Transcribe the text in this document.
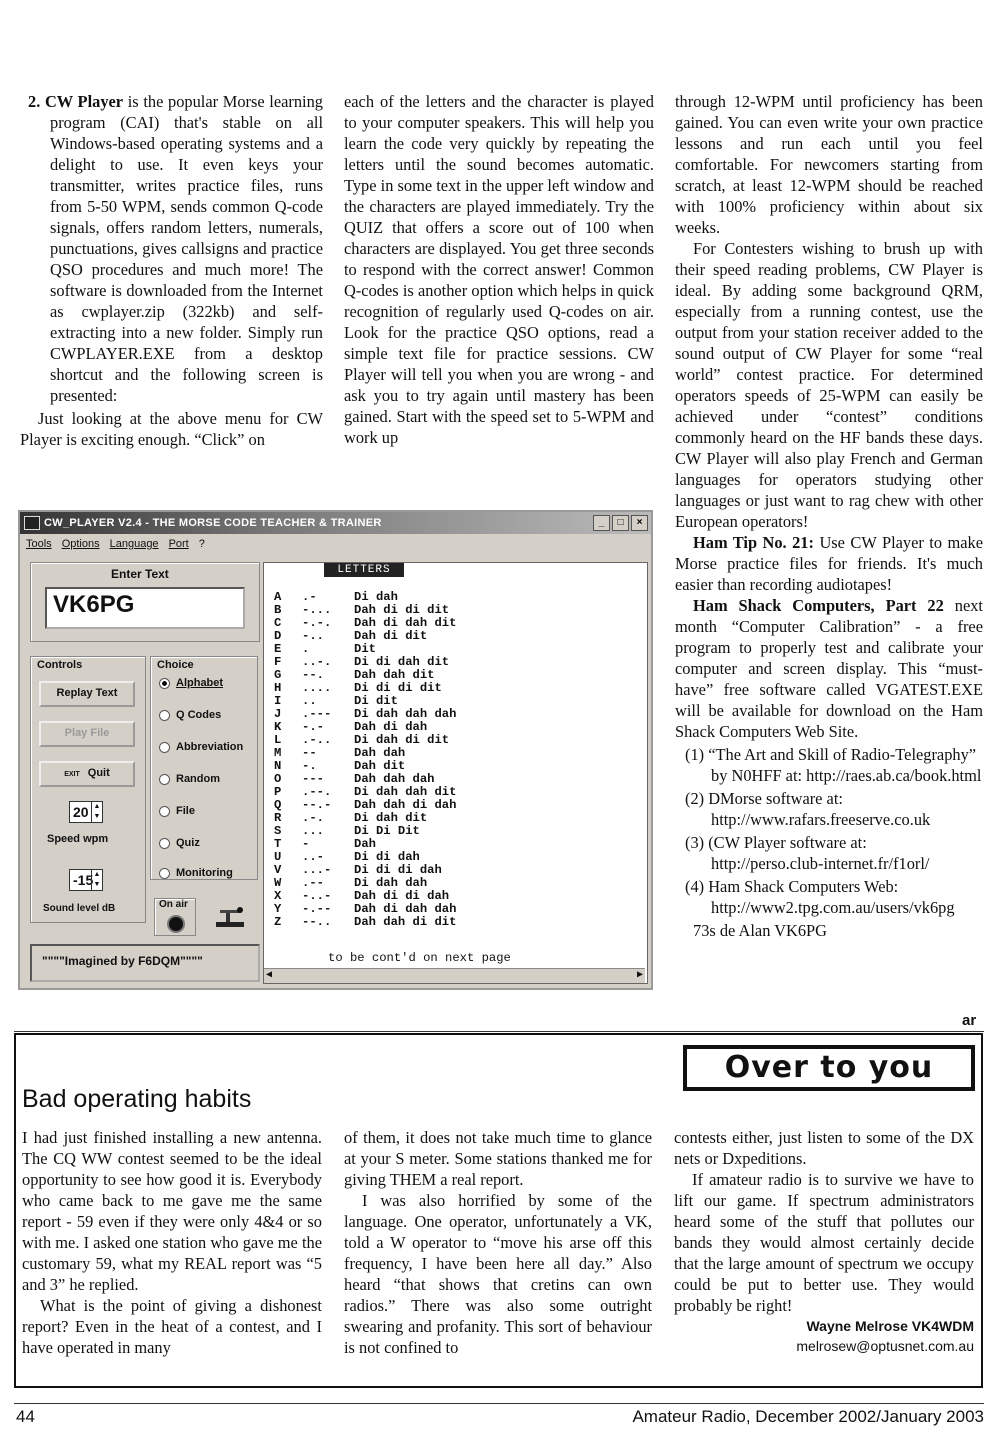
2. CW Player is the popular Morse learning program (CAI) that's stable on all Windows-based operating systems and a delight to use. It even keys your transmitter, writes practice files, runs from 5-50 WPM, sends common Q-code signals, offers random letters, numerals, punctuations, gives callsigns and practice QSO procedures and much more! The software is downloaded from the Internet as cwplayer.zip (322kb) and self-extracting into a new folder. Simply run CWPLAYER.EXE from a desktop shortcut and the following screen is presented:

Just looking at the above menu for CW Player is exciting enough. “Click” on

each of the letters and the character is played to your computer speakers. This will help you learn the code very quickly by repeating the letters until the sound becomes automatic. Type in some text in the upper left window and the characters are played immediately. Try the QUIZ that offers a score out of 100 when characters are displayed. You get three seconds to respond with the correct answer! Common Q-codes is another option which helps in quick recognition of regularly used Q-codes on air. Look for the practice QSO options, read a simple text file for practice sessions. CW Player will tell you when you are wrong - and ask you to try again until mastery has been gained. Start with the speed set to 5-WPM and work up

through 12-WPM until proficiency has been gained. You can even write your own practice lessons and run each until you feel comfortable. For newcomers starting from scratch, at least 12-WPM should be reached with 100% proficiency within about six weeks.

For Contesters wishing to brush up with their speed reading problems, CW Player is ideal. By adding some background QRM, especially from a running contest, use the output from your station receiver added to the sound output of CW Player for some “real world” contest practice. For determined operators speeds of 25-WPM can easily be achieved under “contest” conditions commonly heard on the HF bands these days. CW Player will also play French and German languages for operators studying other languages or just want to rag chew with other European operators!

Ham Tip No. 21: Use CW Player to make Morse practice files for friends. It's much easier than recording audiotapes!

Ham Shack Computers, Part 22 next month “Computer Calibration” - a free program to properly test and calibrate your computer and screen display. This “must-have” free software called VGATEST.EXE will be available for download on the Ham Shack Computers Web Site.

(1) “The Art and Skill of Radio-Telegraphy” by N0HFF at: http://raes.ab.ca/book.html
(2) DMorse software at: http://www.rafars.freeserve.co.uk
(3) (CW Player software at: http://perso.club-internet.fr/f1orl/
(4) Ham Shack Computers Web: http://www2.tpg.com.au/users/vk6pg

73s de Alan VK6PG

ar
CW_PLAYER V2.4 - THE MORSE CODE TEACHER & TRAINER	_	□	×
Tools Options Language Port ?
Enter Text
VK6PG
Controls
Replay Text
Play File
EXIT Quit
20 ▲
▼
Speed wpm
-15 ▲
▼
Sound level dB
Choice
Alphabet
Q Codes
Abbreviation
Random
File
Quiz
Monitoring
On air
""""Imagined by F6DQM""""
LETTERS
A .-	Di dah
B -... Dah di di dit
C -.-. Dah di dah dit
D -.. Dah di dit
E .	Dit
F ..-. Di di dah dit
G --. Dah dah dit
H .... Di di di dit
I ..	Di dit
J .--- Di dah dah dah
K -.- Dah di dah
L .-.. Di dah di dit
M --	Dah dah
N -.	Dah dit
O --- Dah dah dah
P .--. Di dah dah dit
Q --.- Dah dah di dah
R .-. Di dah dit
S ... Di Di Dit
T -	Dah
U ..- Di di dah
V ...- Di di di dah
W .-- Di dah dah
X -..- Dah di di dah
Y -.-- Dah di dah dah
Z --.. Dah dah di dit
to be cont'd on next page
◀	▶
Over to you
Bad operating habits

I had just finished installing a new antenna. The CQ WW contest seemed to be the ideal opportunity to see how good it is. Everybody who came back to me gave me the same report - 59 even if they were only 4&4 or so with me. I asked one station who gave me the customary 59, what my REAL report was “5 and 3” he replied.

What is the point of giving a dishonest report? Even in the heat of a contest, and I have operated in many

of them, it does not take much time to glance at your S meter. Some stations thanked me for giving THEM a real report.

I was also horrified by some of the language. One operator, unfortunately a VK, told a W operator to “move his arse off this frequency, I have been here all day.” Also heard “that shows that cretins can own radios.” There was also some outright swearing and profanity. This sort of behaviour is not confined to

contests either, just listen to some of the DX nets or Dxpeditions.

If amateur radio is to survive we have to lift our game. If spectrum administrators heard some of the stuff that pollutes our bands they would almost certainly decide that the large amount of spectrum we occupy could be put to better use. They would probably be right!

Wayne Melrose VK4WDM
melrosew@optusnet.com.au
44	Amateur Radio, December 2002/January 2003
